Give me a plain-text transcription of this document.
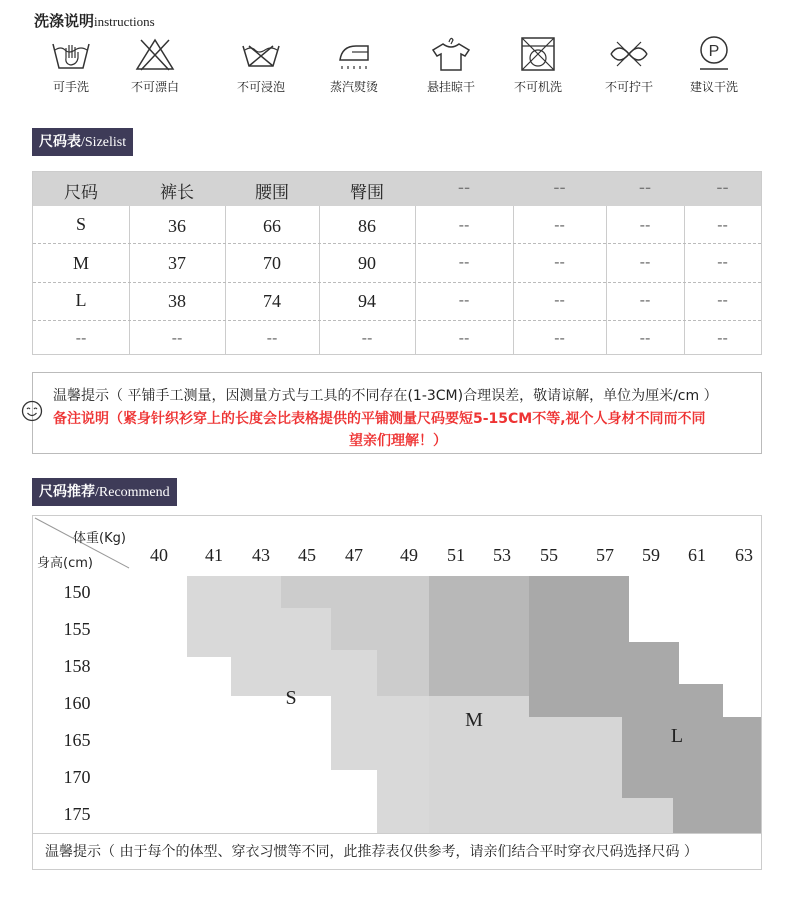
洗涤说明instructions
可手洗	不可漂白	不可浸泡	蒸汽熨烫	悬挂晾干	不可机洗	不可拧干
P
建议干洗
尺码表/Sizelist
尺码	裤长	腰围	臀围	--	--	--	--
S	36	66	86	--	--	--	--
M	37	70	90	--	--	--	--
L	38	74	94	--	--	--	--
--	--	--	--	--	--	--	--
温馨提示（ 平铺手工测量，因测量方式与工具的不同存在(1-3CM)合理误差，敬请谅解，单位为厘米/cm ）
备注说明（紧身针织衫穿上的长度会比表格提供的平铺测量尺码要短5-15CM不等,视个人身材不同而不同
望亲们理解！）
尺码推荐/Recommend
S
M
L
体重(Kg)
身高(cm)	40 41 43 45 47 49 51 53 55 57 59 61 63
150
155
158
160
165
170
175
温馨提示（ 由于每个的体型、穿衣习惯等不同，此推荐表仅供参考，请亲们结合平时穿衣尺码选择尺码 ）
